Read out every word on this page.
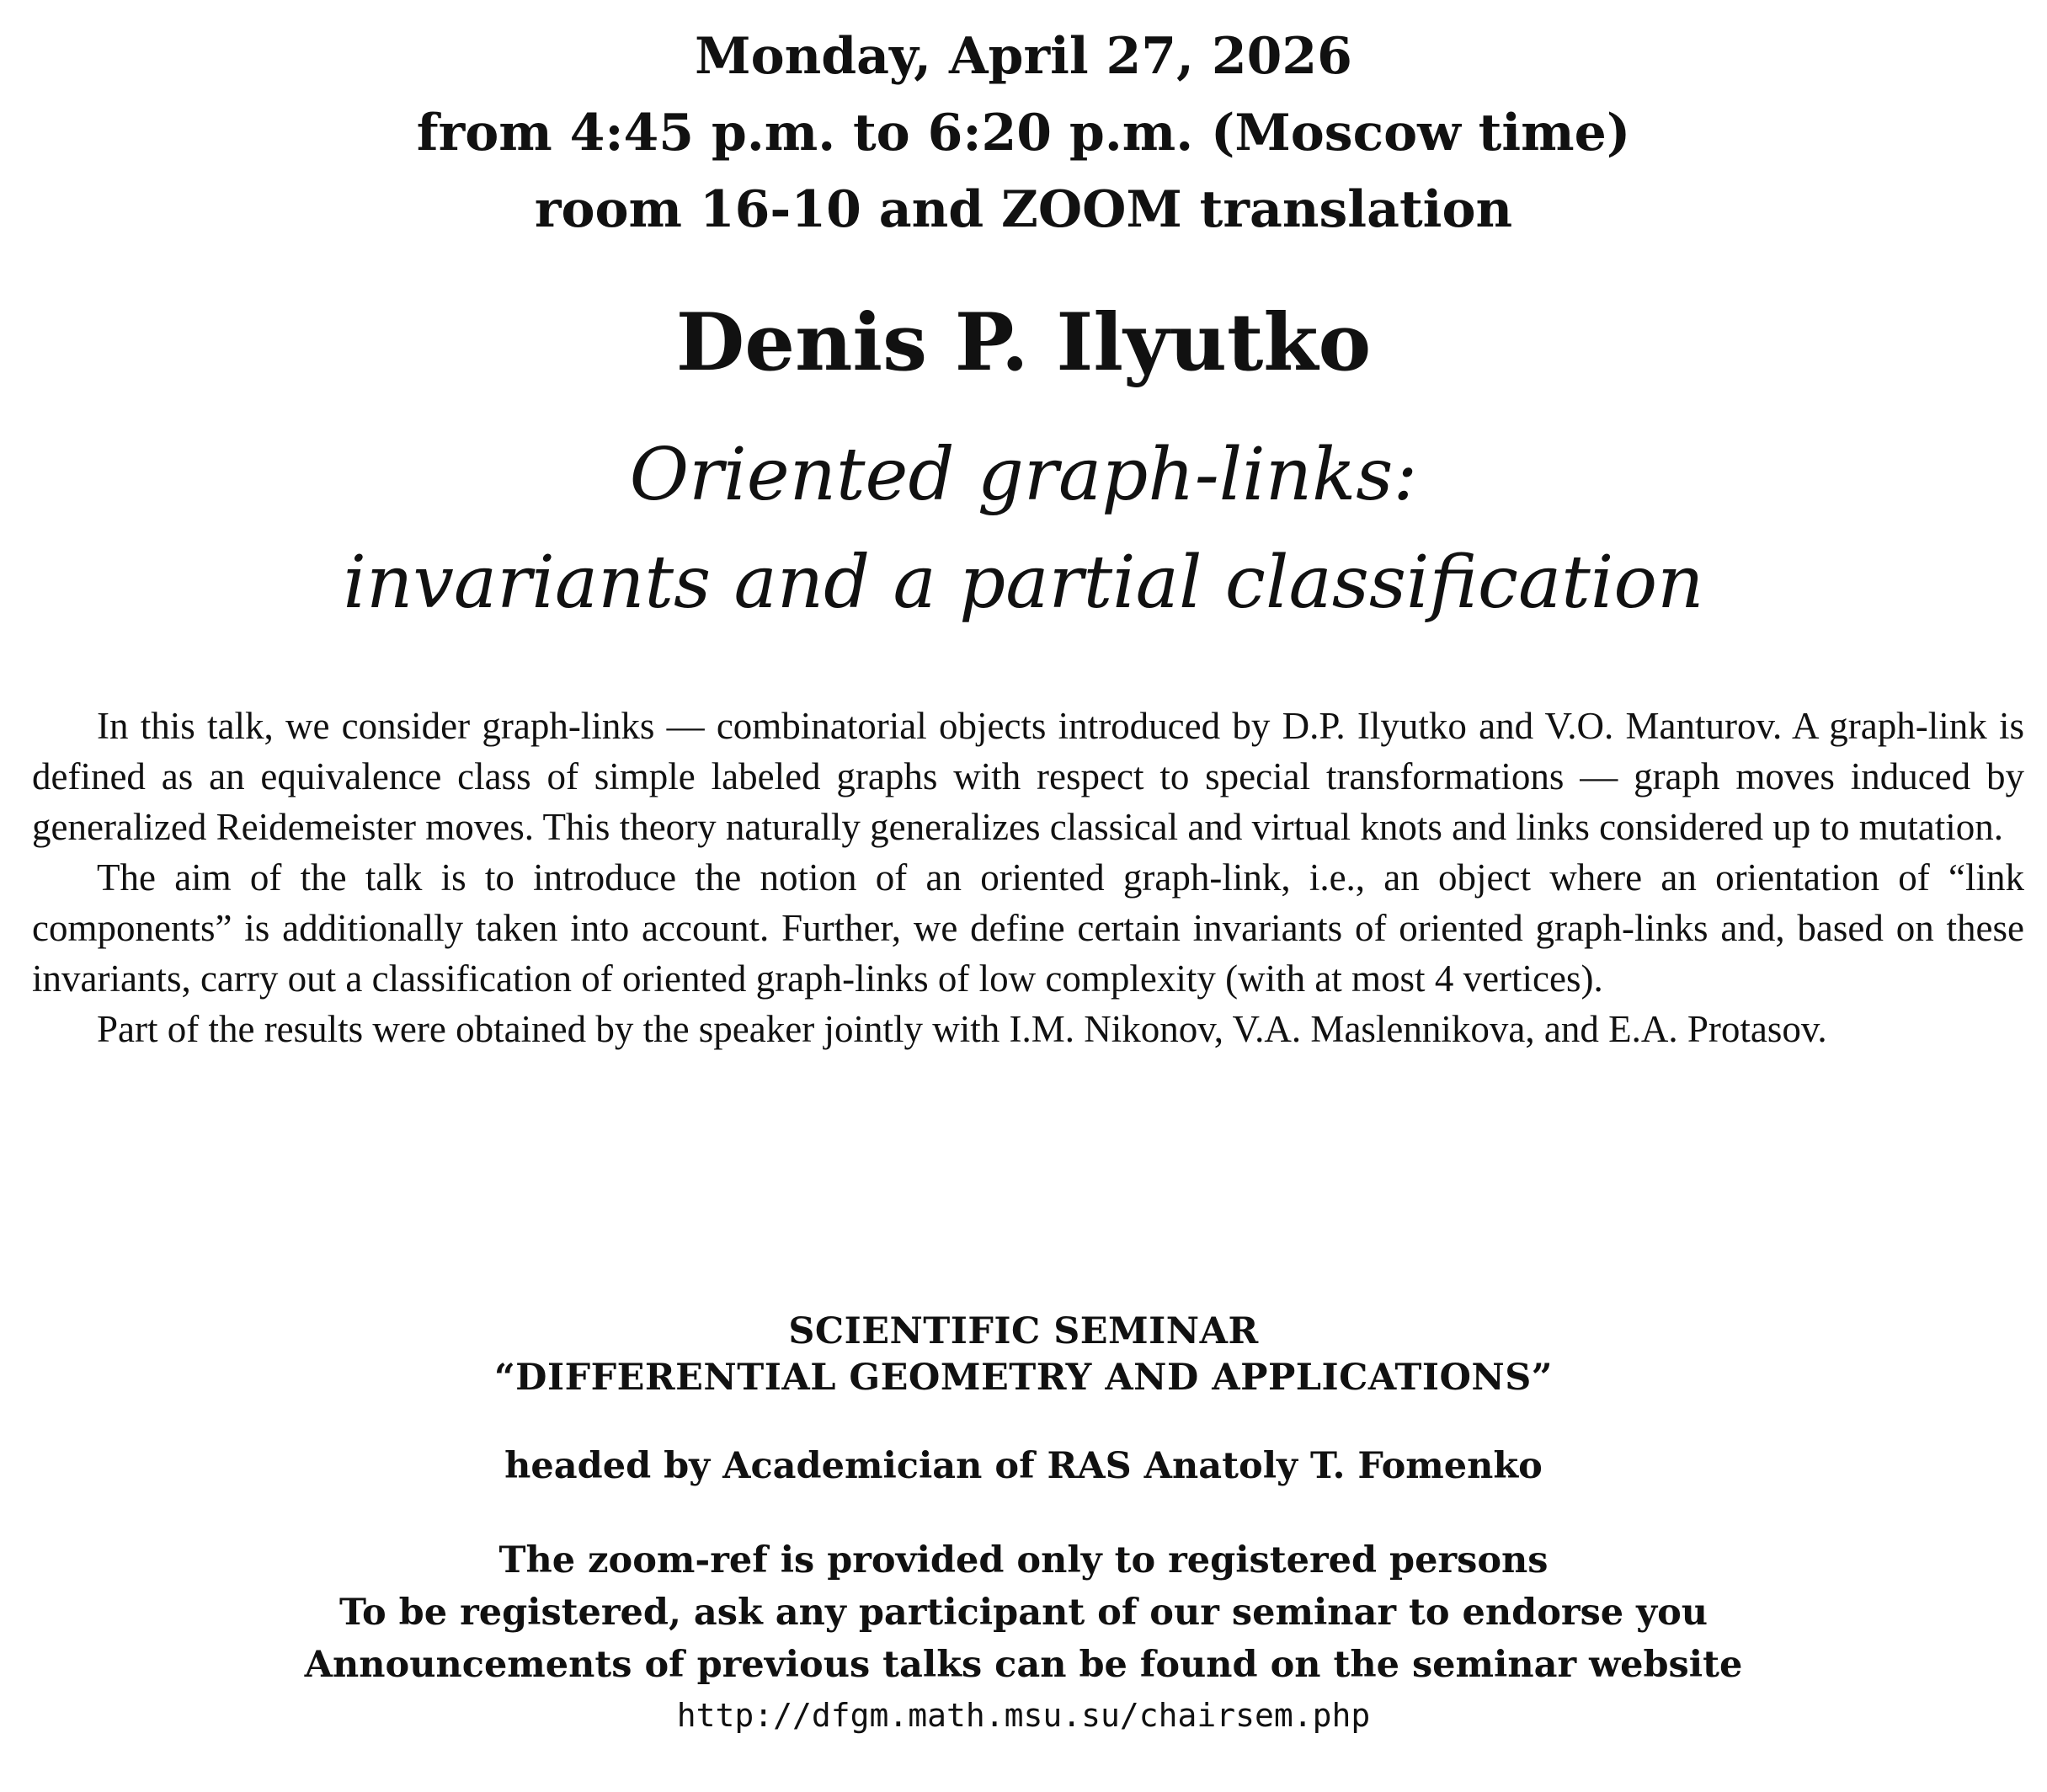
Monday, April 27, 2026
from 4:45 p.m. to 6:20 p.m. (Moscow time)
room 16-10 and ZOOM translation
Denis P. Ilyutko
Oriented graph-links:
invariants and a partial classification

In this talk, we consider graph-links — combinatorial objects introduced by D.P. Ilyutko and V.O. Manturov. A graph-link is defined as an equivalence class of simple labeled graphs with respect to special transformations — graph moves induced by generalized Reidemeister moves. This theory naturally generalizes classical and virtual knots and links considered up to mutation.

The aim of the talk is to introduce the notion of an oriented graph-link, i.e., an object where an orientation of “link components” is additionally taken into account. Further, we define certain invariants of oriented graph-links and, based on these invariants, carry out a classification of oriented graph-links of low complexity (with at most 4 vertices).

Part of the results were obtained by the speaker jointly with I.M. Nikonov, V.A. Maslennikova, and E.A. Protasov.

SCIENTIFIC SEMINAR
“DIFFERENTIAL GEOMETRY AND APPLICATIONS”
headed by Academician of RAS Anatoly T. Fomenko
The zoom-ref is provided only to registered persons
To be registered, ask any participant of our seminar to endorse you
Announcements of previous talks can be found on the seminar website
http://dfgm.math.msu.su/chairsem.php
